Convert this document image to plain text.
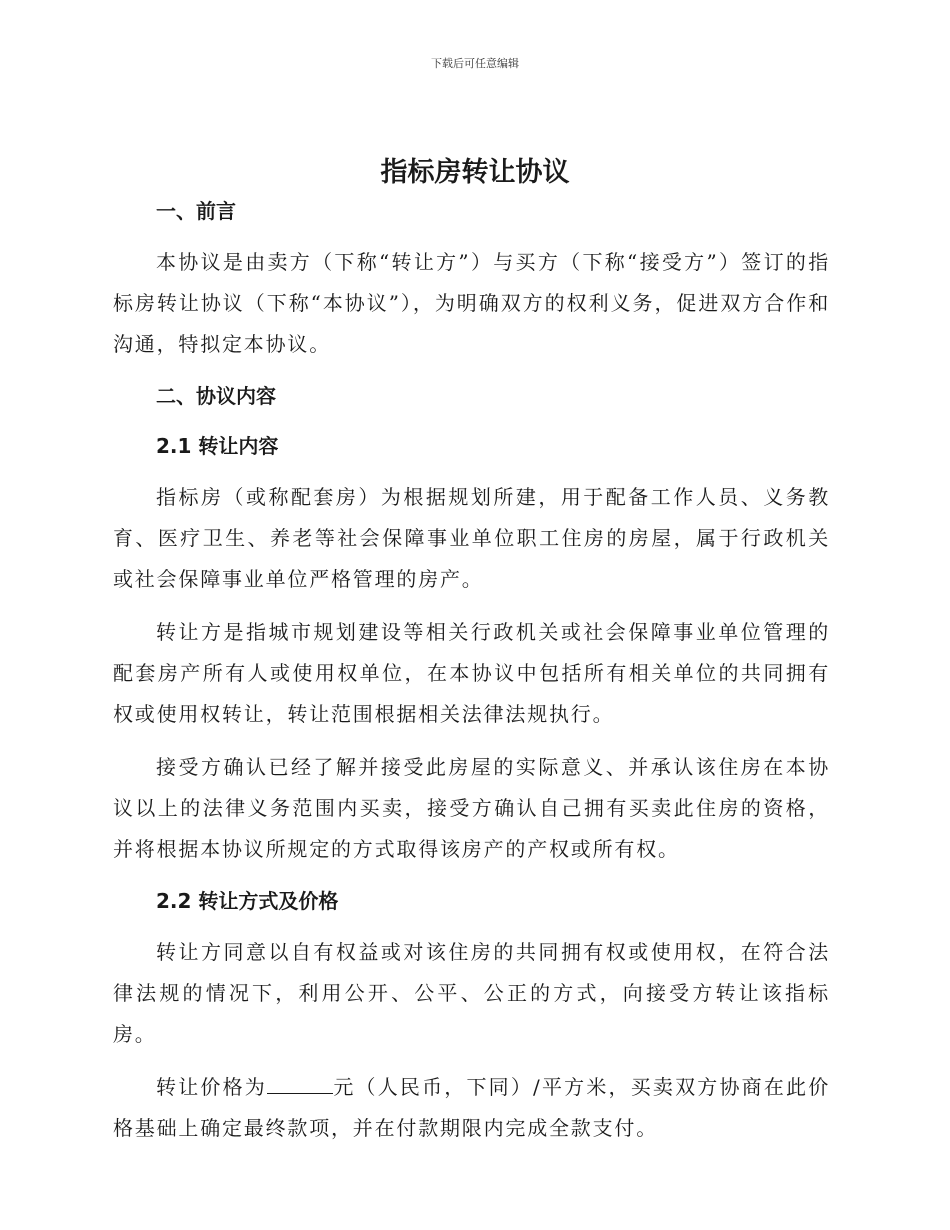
下载后可任意编辑
指标房转让协议

一、前言

本协议是由卖方（下称“转让方”）与买方（下称“接受方”）签订的指标房转让协议（下称“本协议”），为明确双方的权利义务，促进双方合作和沟通，特拟定本协议。

二、协议内容

2.1 转让内容

指标房（或称配套房）为根据规划所建，用于配备工作人员、义务教育、医疗卫生、养老等社会保障事业单位职工住房的房屋，属于行政机关或社会保障事业单位严格管理的房产。

转让方是指城市规划建设等相关行政机关或社会保障事业单位管理的配套房产所有人或使用权单位，在本协议中包括所有相关单位的共同拥有权或使用权转让，转让范围根据相关法律法规执行。

接受方确认已经了解并接受此房屋的实际意义、并承认该住房在本协议以上的法律义务范围内买卖，接受方确认自己拥有买卖此住房的资格，并将根据本协议所规定的方式取得该房产的产权或所有权。

2.2 转让方式及价格

转让方同意以自有权益或对该住房的共同拥有权或使用权，在符合法律法规的情况下，利用公开、公平、公正的方式，向接受方转让该指标房。

转让价格为	元（人民币，下同）/平方米，买卖双方协商在此价格基础上确定最终款项，并在付款期限内完成全款支付。
